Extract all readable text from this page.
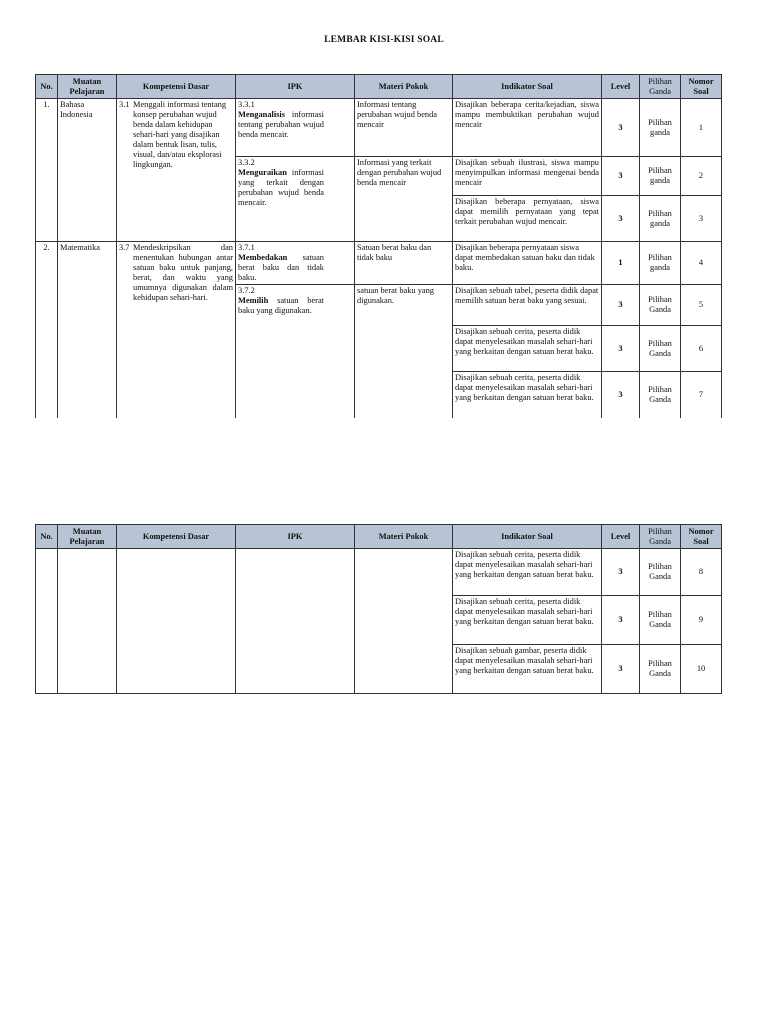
LEMBAR KISI-KISI SOAL
No.	Muatan Pelajaran	Kompetensi Dasar	IPK	Materi Pokok	Indikator Soal	Level	Pilihan Ganda	Nomor Soal
1.	Bahasa Indonesia	3.1 Menggali informasi tentang konsep perubahan wujud benda dalam kehidupan sehari-hari yang disajikan dalam bentuk lisan, tulis, visual, dan/atau eksplorasi lingkungan.	3.3.1Menganalisis informasi tentang perubahan wujud benda mencair.	Informasi tentang perubahan wujud benda mencair	Disajikan beberapa cerita/kejadian, siswa mampu membuktikan perubahan wujud mencair	3	Pilihan ganda	1
			3.3.2Menguraikan informasi yang terkait dengan perubahan wujud benda mencair.	Informasi yang terkait dengan perubahan wujud benda mencair	Disajikan sebuah ilustrasi, siswa mampu menyimpulkan informasi mengenai benda mencair	3	Pilihan ganda	2
					Disajikan beberapa pernyataan, siswa dapat memilih pernyataan yang tepat terkait perubahan wujud mencair.	3	Pilihan ganda	3
2.	Matematika	3.7 Mendeskripsikan dan menentukan hubungan antar satuan baku untuk panjang, berat, dan waktu yang umumnya digunakan dalam kehidupan sehari-hari.	3.7.1Membedakan satuan berat baku dan tidak baku.	Satuan berat baku dan tidak baku	Disajikan beberapa pernyataan siswa dapat membedakan satuan baku dan tidak baku.	1	Pilihan ganda	4
			3.7.2Memilih satuan berat baku yang digunakan.	satuan berat baku yang digunakan.	Disajikan sebuah tabel, peserta didik dapat memilih satuan berat baku yang sesuai.	3	Pilihan Ganda	5
					Disajikan sebuah cerita, peserta didik dapat menyelesaikan masalah sehari-hari yang berkaitan dengan satuan berat baku.	3	Pilihan Ganda	6
					Disajikan sebuah cerita, peserta didik dapat menyelesaikan masalah sehari-hari yang berkaitan dengan satuan berat baku.	3	Pilihan Ganda	7
No.	Muatan Pelajaran	Kompetensi Dasar	IPK	Materi Pokok	Indikator Soal	Level	Pilihan Ganda	Nomor Soal
					Disajikan sebuah cerita, peserta didik dapat menyelesaikan masalah sehari-hari yang berkaitan dengan satuan berat baku.	3	Pilihan Ganda	8
					Disajikan sebuah cerita, peserta didik dapat menyelesaikan masalah sehari-hari yang berkaitan dengan satuan berat baku.	3	Pilihan Ganda	9
					Disajikan sebuah gambar, peserta didik dapat menyelesaikan masalah sehari-hari yang berkaitan dengan satuan berat baku.	3	Pilihan Ganda	10
